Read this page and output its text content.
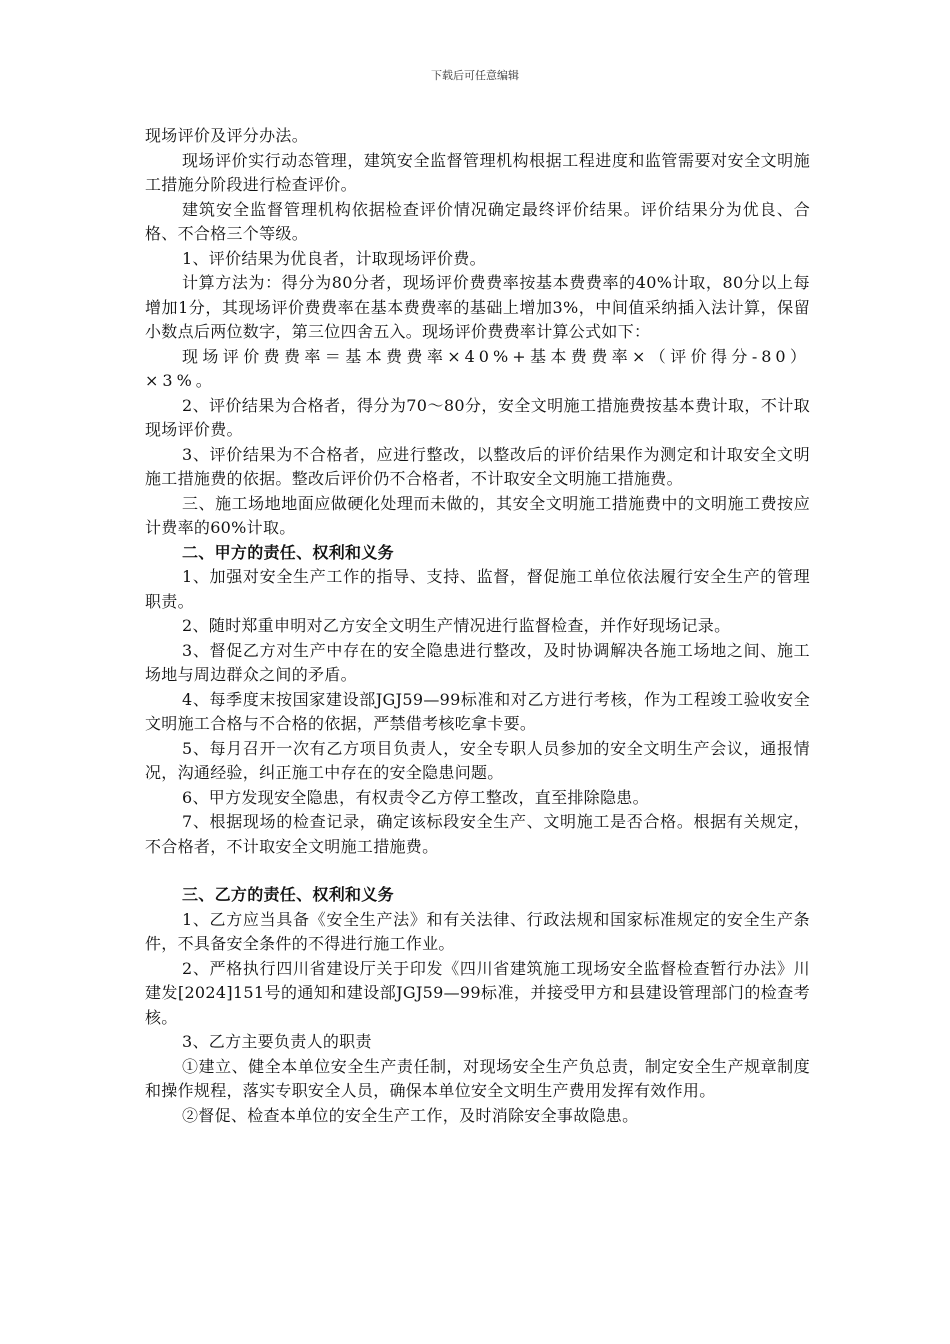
下载后可任意编辑

现场评价及评分办法。

现场评价实行动态管理，建筑安全监督管理机构根据工程进度和监管需要对安全文明施工措施分阶段进行检查评价。

建筑安全监督管理机构依据检查评价情况确定最终评价结果。评价结果分为优良、合格、不合格三个等级。

1、评价结果为优良者，计取现场评价费。

计算方法为：得分为80分者，现场评价费费率按基本费费率的40%计取，80分以上每增加1分，其现场评价费费率在基本费费率的基础上增加3%，中间值采纳插入法计算，保留小数点后两位数字，第三位四舍五入。现场评价费费率计算公式如下：

现场评价费费率＝基本费费率×40%+基本费费率×（评价得分-80）×3%。

2、评价结果为合格者，得分为70～80分，安全文明施工措施费按基本费计取，不计取现场评价费。

3、评价结果为不合格者，应进行整改，以整改后的评价结果作为测定和计取安全文明施工措施费的依据。整改后评价仍不合格者，不计取安全文明施工措施费。

三、施工场地地面应做硬化处理而未做的，其安全文明施工措施费中的文明施工费按应计费率的60%计取。

二、甲方的责任、权利和义务

1、加强对安全生产工作的指导、支持、监督，督促施工单位依法履行安全生产的管理职责。

2、随时郑重申明对乙方安全文明生产情况进行监督检查，并作好现场记录。

3、督促乙方对生产中存在的安全隐患进行整改，及时协调解决各施工场地之间、施工场地与周边群众之间的矛盾。

4、每季度末按国家建设部JGJ59—99标准和对乙方进行考核，作为工程竣工验收安全文明施工合格与不合格的依据，严禁借考核吃拿卡要。

5、每月召开一次有乙方项目负责人，安全专职人员参加的安全文明生产会议，通报情况，沟通经验，纠正施工中存在的安全隐患问题。

6、甲方发现安全隐患，有权责令乙方停工整改，直至排除隐患。

7、根据现场的检查记录，确定该标段安全生产、文明施工是否合格。根据有关规定，不合格者，不计取安全文明施工措施费。

三、乙方的责任、权利和义务

1、乙方应当具备《安全生产法》和有关法律、行政法规和国家标准规定的安全生产条件，不具备安全条件的不得进行施工作业。

2、严格执行四川省建设厅关于印发《四川省建筑施工现场安全监督检查暂行办法》川建发[2024]151号的通知和建设部JGJ59—99标准，并接受甲方和县建设管理部门的检查考核。

3、乙方主要负责人的职责

①建立、健全本单位安全生产责任制，对现场安全生产负总责，制定安全生产规章制度和操作规程，落实专职安全人员，确保本单位安全文明生产费用发挥有效作用。

②督促、检查本单位的安全生产工作，及时消除安全事故隐患。
